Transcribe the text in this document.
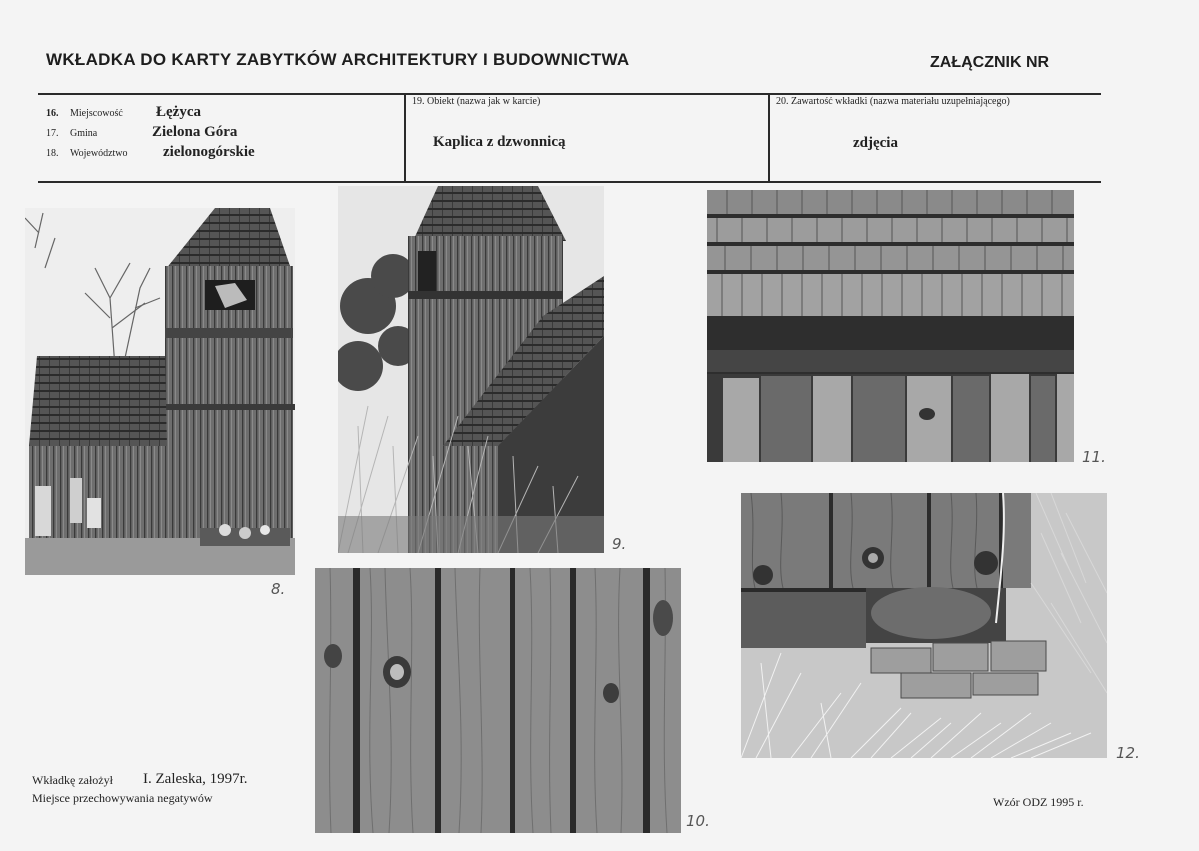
WKŁADKA DO KARTY ZABYTKÓW ARCHITEKTURY I BUDOWNICTWA	ZAŁĄCZNIK NR
16. Miejscowość Łężyca
17. Gmina	Zielona Góra
18. Województwo zielonogórskie
19. Obiekt (nazwa jak w karcie)
Kaplica z dzwonnicą
20. Zawartość wkładki (nazwa materiału uzupełniającego)
zdjęcia
8.
9.
10.
11.
12.
Wkładkę założył I. Zaleska, 1997r.
Miejsce przechowywania negatywów	Wzór ODZ 1995 r.
